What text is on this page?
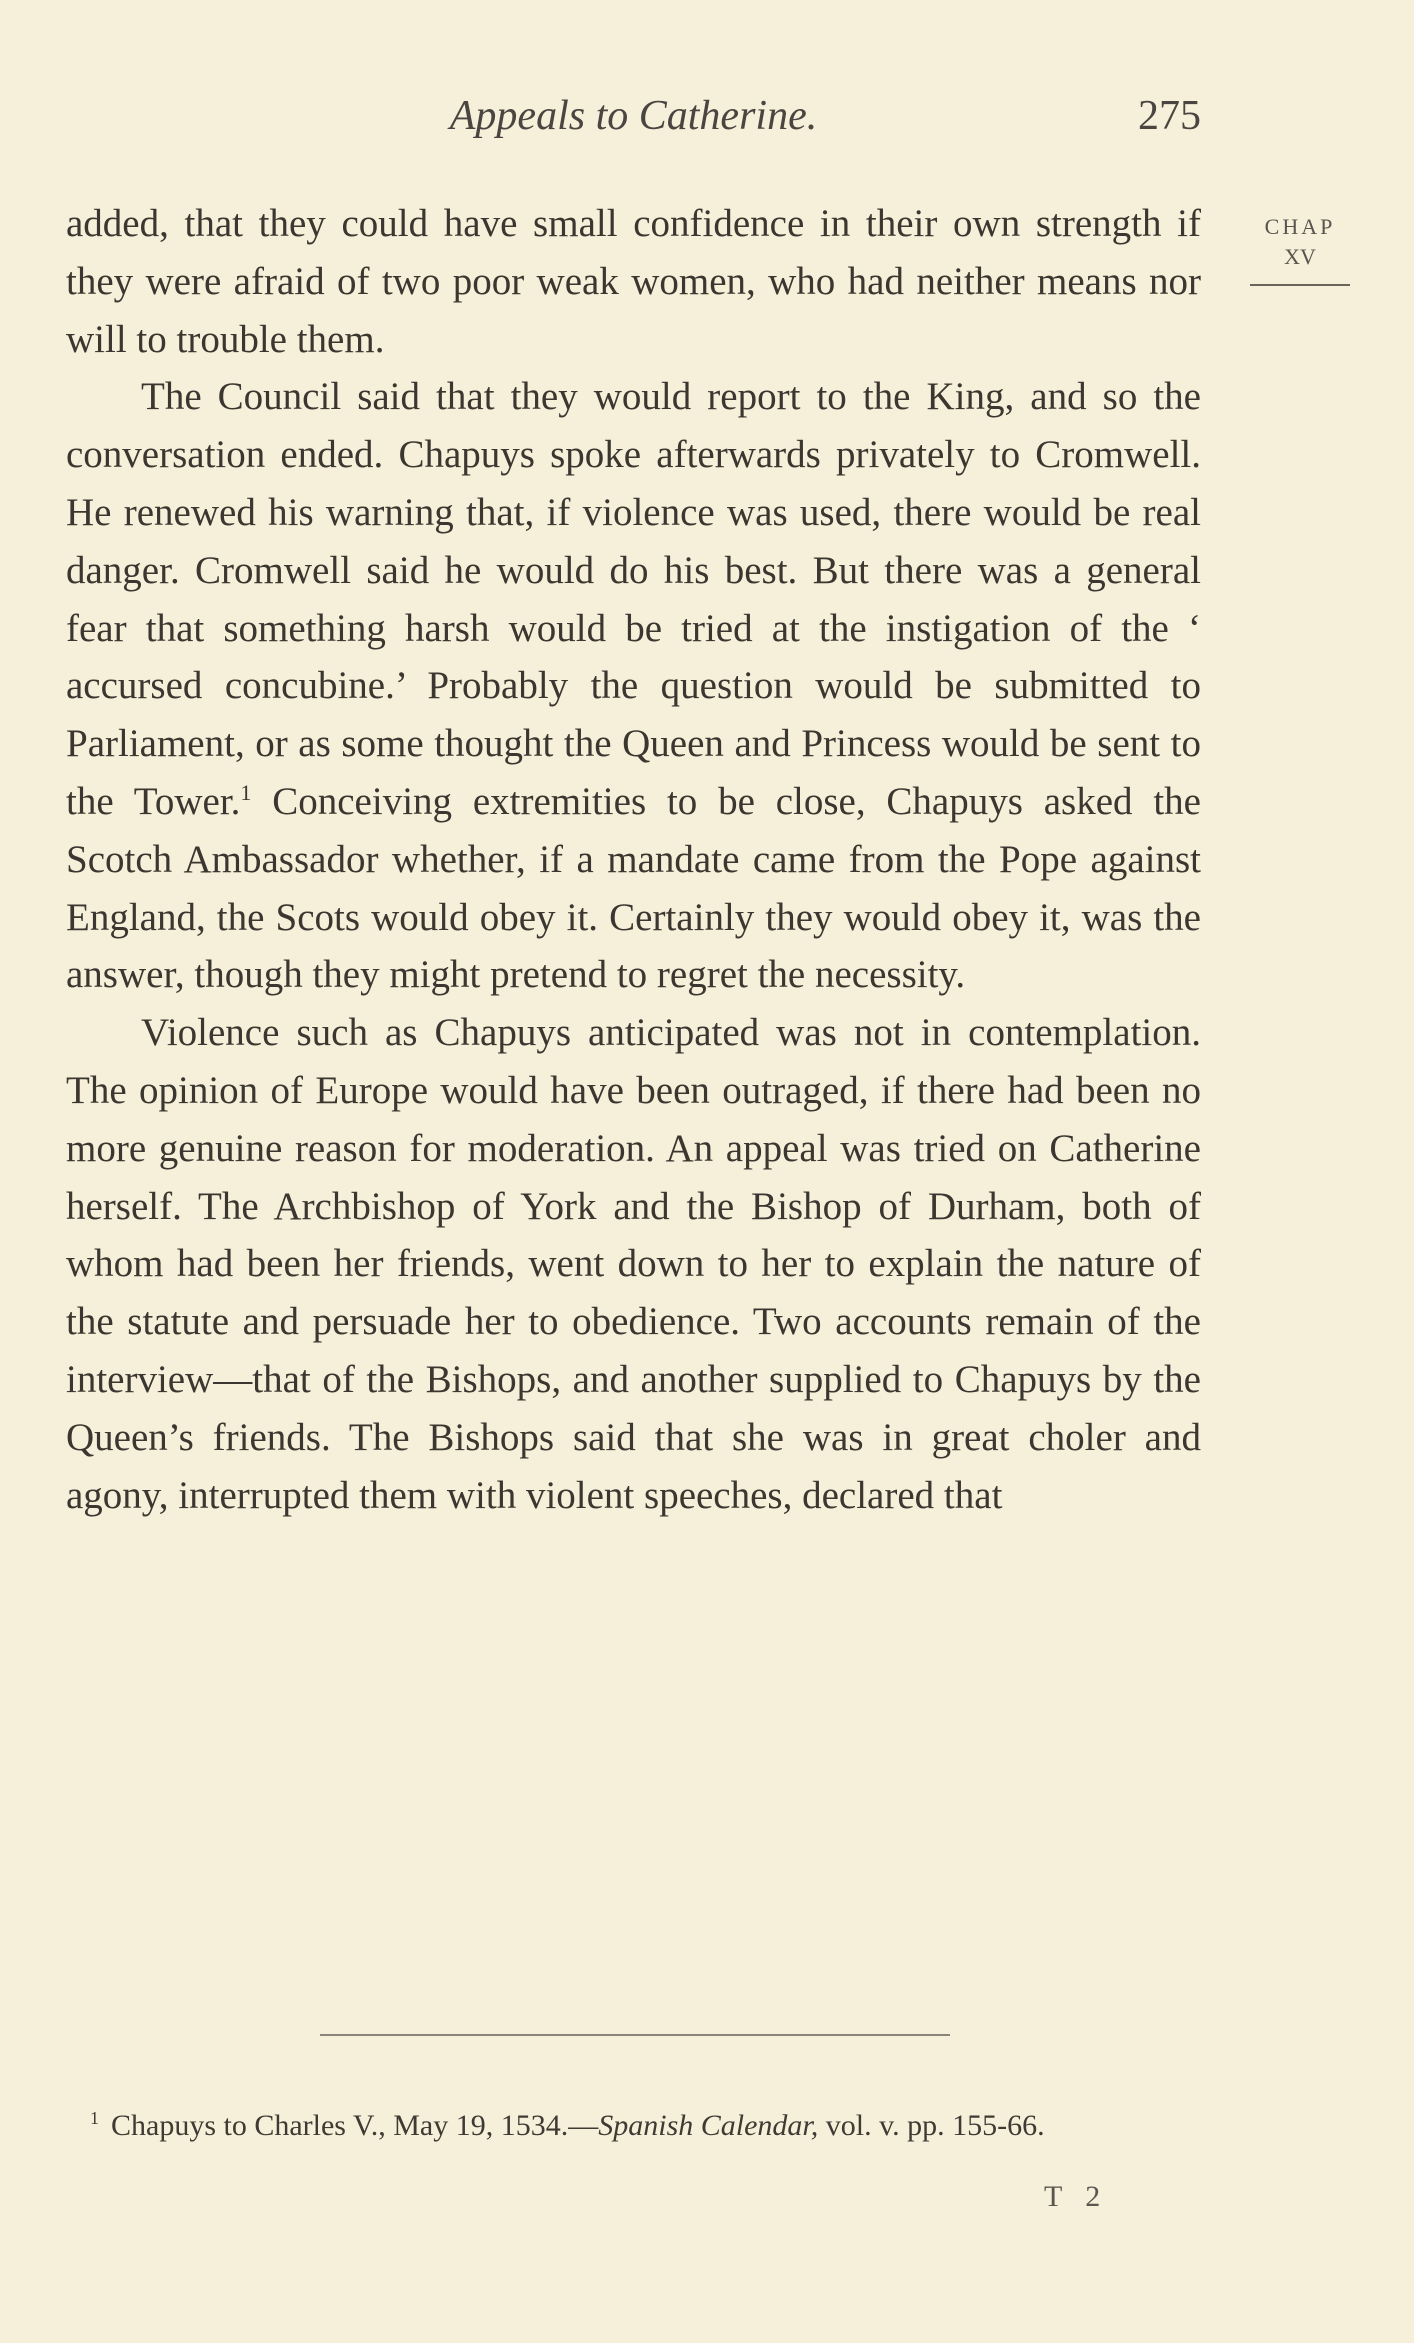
Appeals to Catherine.	275
CHAP
XV

added, that they could have small confidence in their own strength if they were afraid of two poor weak women, who had neither means nor will to trouble them.

The Council said that they would report to the King, and so the conversation ended. Chapuys spoke afterwards privately to Cromwell. He renewed his warning that, if violence was used, there would be real danger. Cromwell said he would do his best. But there was a general fear that something harsh would be tried at the instigation of the ‘ accursed concubine.’ Probably the question would be submitted to Parliament, or as some thought the Queen and Princess would be sent to the Tower.$^1$ Conceiving extremities to be close, Chapuys asked the Scotch Ambassador whether, if a mandate came from the Pope against England, the Scots would obey it. Certainly they would obey it, was the answer, though they might pretend to regret the necessity.

Violence such as Chapuys anticipated was not in contemplation. The opinion of Europe would have been outraged, if there had been no more genuine reason for moderation. An appeal was tried on Catherine herself. The Archbishop of York and the Bishop of Durham, both of whom had been her friends, went down to her to explain the nature of the statute and persuade her to obedience. Two accounts remain of the interview—that of the Bishops, and another supplied to Chapuys by the Queen’s friends. The Bishops said that she was in great choler and agony, interrupted them with violent speeches, declared that

$^1$ Chapuys to Charles V., May 19, 1534.—Spanish Calendar, vol. v. pp. 155-66.
T 2
